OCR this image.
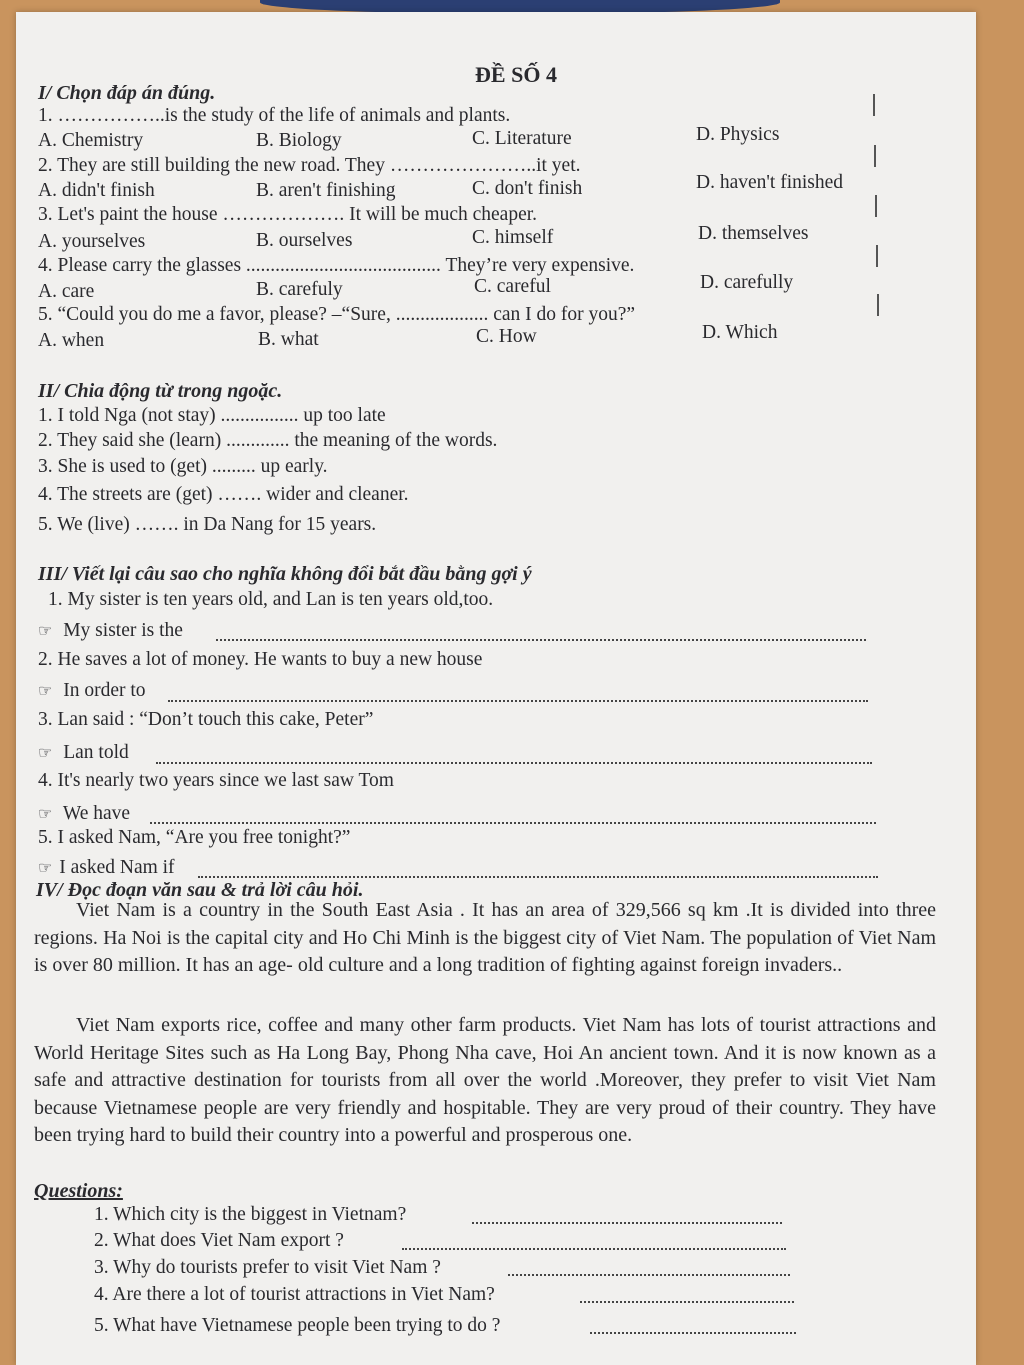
ĐỀ SỐ 4
I/ Chọn đáp án đúng.
1. ……………..is the study of the life of animals and plants.
A. Chemistry	B. Biology	C. Literature	D. Physics
2. They are still building the new road. They …………………..it yet.
A. didn't finish	B. aren't finishing	C. don't finish	D. haven't finished
3. Let's paint the house ………………. It will be much cheaper.
A. yourselves	B. ourselves	C. himself	D. themselves
4. Please carry the glasses ........................................ They’re very expensive.
A. care	B. carefuly	C. careful	D. carefully
5. “Could you do me a favor, please? –“Sure, ................... can I do for you?”
A. when	B. what	C. How	D. Which
II/ Chia động từ trong ngoặc.
1. I told Nga (not stay) ................ up too late
2. They said she (learn) ............. the meaning of the words.
3. She is used to (get) ......... up early.
4. The streets are (get) ……. wider and cleaner.
5. We (live) ……. in Da Nang for 15 years.
III/ Viết lại câu sao cho nghĩa không đổi bắt đầu bằng gợi ý
1. My sister is ten years old, and Lan is ten years old,too.
☞ My sister is the
2. He saves a lot of money. He wants to buy a new house
☞ In order to
3. Lan said : “Don’t touch this cake, Peter”
☞ Lan told
4. It's nearly two years since we last saw Tom
☞ We have
5. I asked Nam, “Are you free tonight?”
☞ I asked Nam if
IV/ Đọc đoạn văn sau & trả lời câu hỏi.
Viet Nam is a country in the South East Asia . It has an area of 329,566 sq km .It is divided into three regions. Ha Noi is the capital city and Ho Chi Minh is the biggest city of Viet Nam. The population of Viet Nam is over 80 million. It has an age- old culture and a long tradition of fighting against foreign invaders..
Viet Nam exports rice, coffee and many other farm products. Viet Nam has lots of tourist attractions and World Heritage Sites such as Ha Long Bay, Phong Nha cave, Hoi An ancient town. And it is now known as a safe and attractive destination for tourists from all over the world .Moreover, they prefer to visit Viet Nam because Vietnamese people are very friendly and hospitable. They are very proud of their country. They have been trying hard to build their country into a powerful and prosperous one.
Questions:
1. Which city is the biggest in Vietnam?
2. What does Viet Nam export ?
3. Why do tourists prefer to visit Viet Nam ?
4. Are there a lot of tourist attractions in Viet Nam?
5. What have Vietnamese people been trying to do ?
